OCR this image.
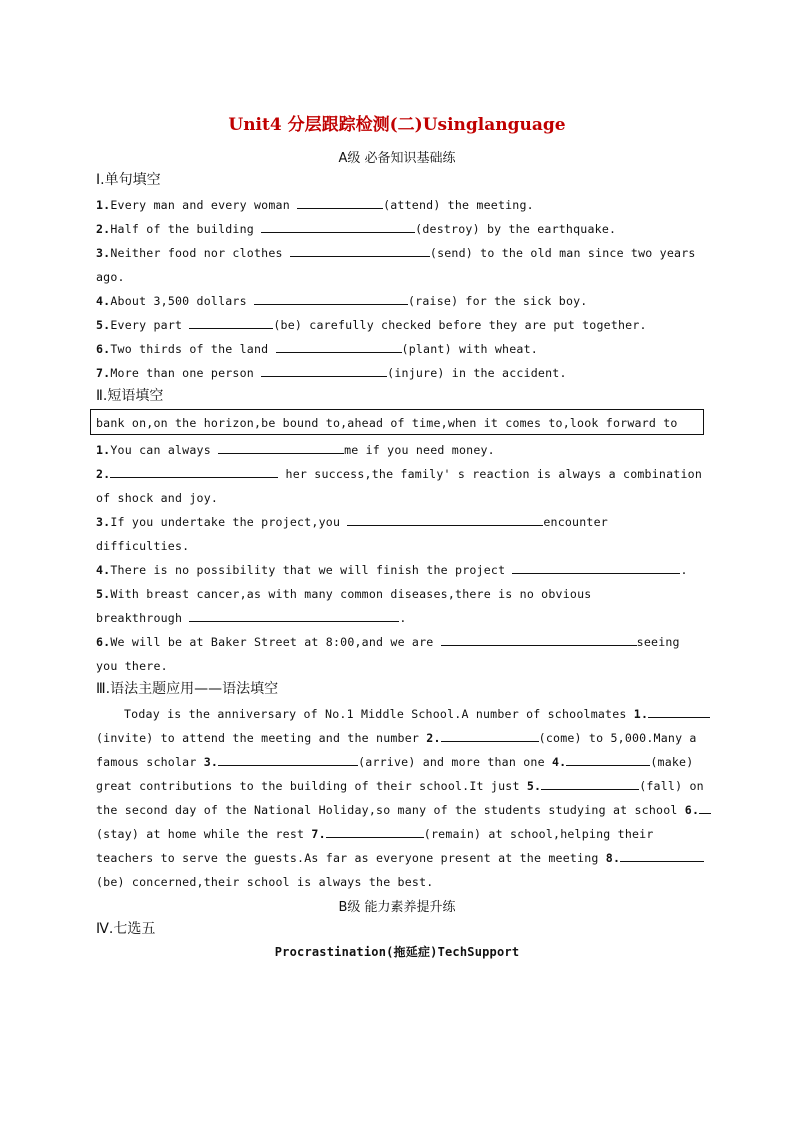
Unit4 分层跟踪检测(二)Usinglanguage
A级 必备知识基础练
Ⅰ.单句填空
1.Every man and every woman	(attend) the meeting.
2.Half of the building	(destroy) by the earthquake.
3.Neither food nor clothes	(send) to the old man since two years
ago.
4.About 3,500 dollars	(raise) for the sick boy.
5.Every part	(be) carefully checked before they are put together.
6.Two thirds of the land	(plant) with wheat.
7.More than one person	(injure) in the accident.
Ⅱ.短语填空
bank on,on the horizon,be bound to,ahead of time,when it comes to,look forward to
1.You can always	me if you need money.
2.	her success,the family' s reaction is always a combination
of shock and joy.
3.If you undertake the project,you	encounter
difficulties.
4.There is no possibility that we will finish the project	.
5.With breast cancer,as with many common diseases,there is no obvious
breakthrough	.
6.We will be at Baker Street at 8:00,and we are	seeing
you there.
Ⅲ.语法主题应用——语法填空
Today is the anniversary of No.1 Middle School.A number of schoolmates 1.
(invite) to attend the meeting and the number 2.	(come) to 5,000.Many a
famous scholar 3.	(arrive) and more than one 4.	(make)
great contributions to the building of their school.It just 5.	(fall) on
the second day of the National Holiday,so many of the students studying at school 6.
(stay) at home while the rest 7.	(remain) at school,helping their
teachers to serve the guests.As far as everyone present at the meeting 8.
(be) concerned,their school is always the best.
B级 能力素养提升练
Ⅳ.七选五
Procrastination(拖延症)TechSupport
